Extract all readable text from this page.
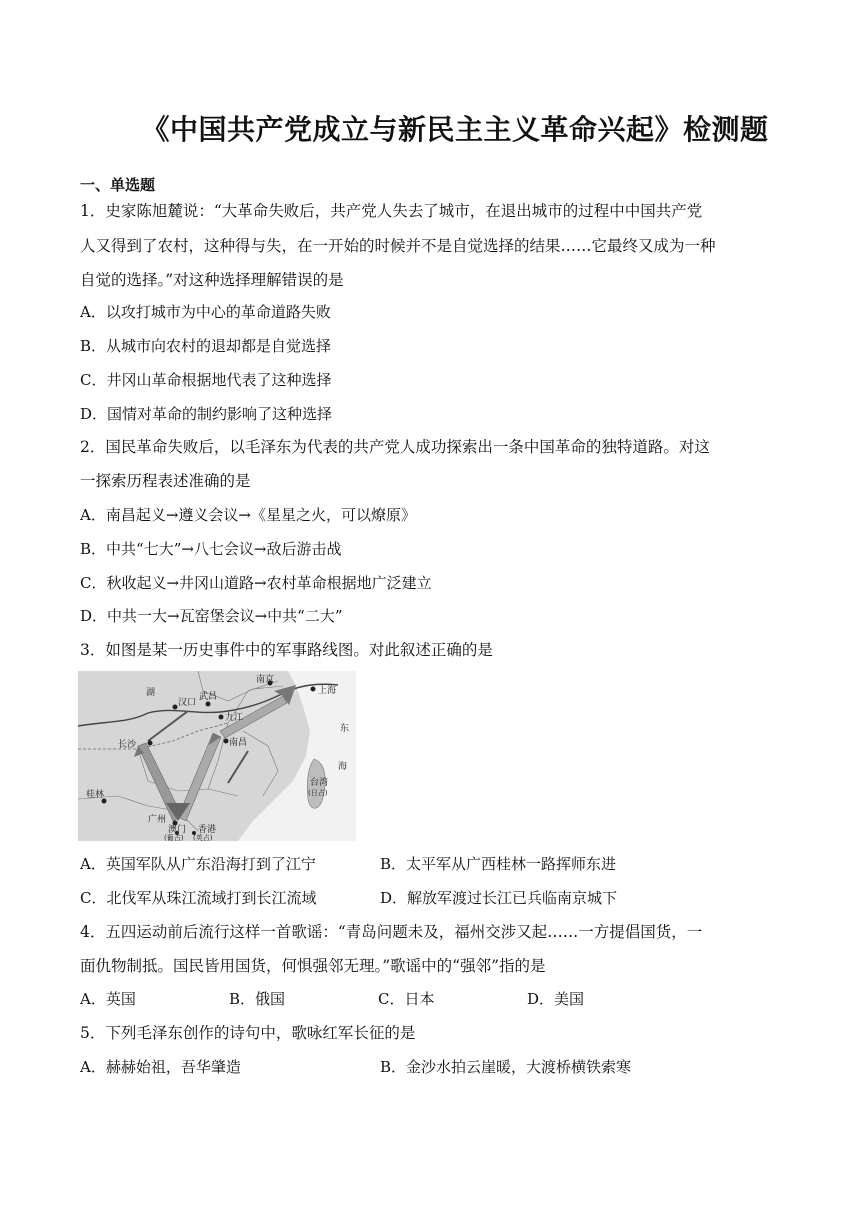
《中国共产党成立与新民主主义革命兴起》检测题
一、单选题
1．史家陈旭麓说：“大革命失败后，共产党人失去了城市，在退出城市的过程中中国共产党
人又得到了农村，这种得与失，在一开始的时候并不是自觉选择的结果……它最终又成为一种
自觉的选择。”对这种选择理解错误的是
A．以攻打城市为中心的革命道路失败
B．从城市向农村的退却都是自觉选择
C．井冈山革命根据地代表了这种选择
D．国情对革命的制约影响了这种选择
2．国民革命失败后，以毛泽东为代表的共产党人成功探索出一条中国革命的独特道路。对这
一探索历程表述准确的是
A．南昌起义→遵义会议→《星星之火，可以燎原》
B．中共“七大”→八七会议→敌后游击战
C．秋收起义→井冈山道路→农村革命根据地广泛建立
D．中共一大→瓦窑堡会议→中共“二大”
3．如图是某一历史事件中的军事路线图。对此叙述正确的是
南京
上海
汉口
武昌
九江
长沙	南昌
桂林
广州
澳门 香港
台湾
东
海
湖
(葡占) (英占)
(日占)
A．英国军队从广东沿海打到了江宁	B．太平军从广西桂林一路挥师东进
C．北伐军从珠江流域打到长江流域	D．解放军渡过长江已兵临南京城下
4．五四运动前后流行这样一首歌谣：“青岛问题未及，福州交涉又起……一方提倡国货，一
面仇物制抵。国民皆用国货，何惧强邻无理。”歌谣中的“强邻”指的是
A．英国	B．俄国	C．日本	D．美国
5．下列毛泽东创作的诗句中，歌咏红军长征的是
A．赫赫始祖，吾华肇造	B．金沙水拍云崖暖，大渡桥横铁索寒
